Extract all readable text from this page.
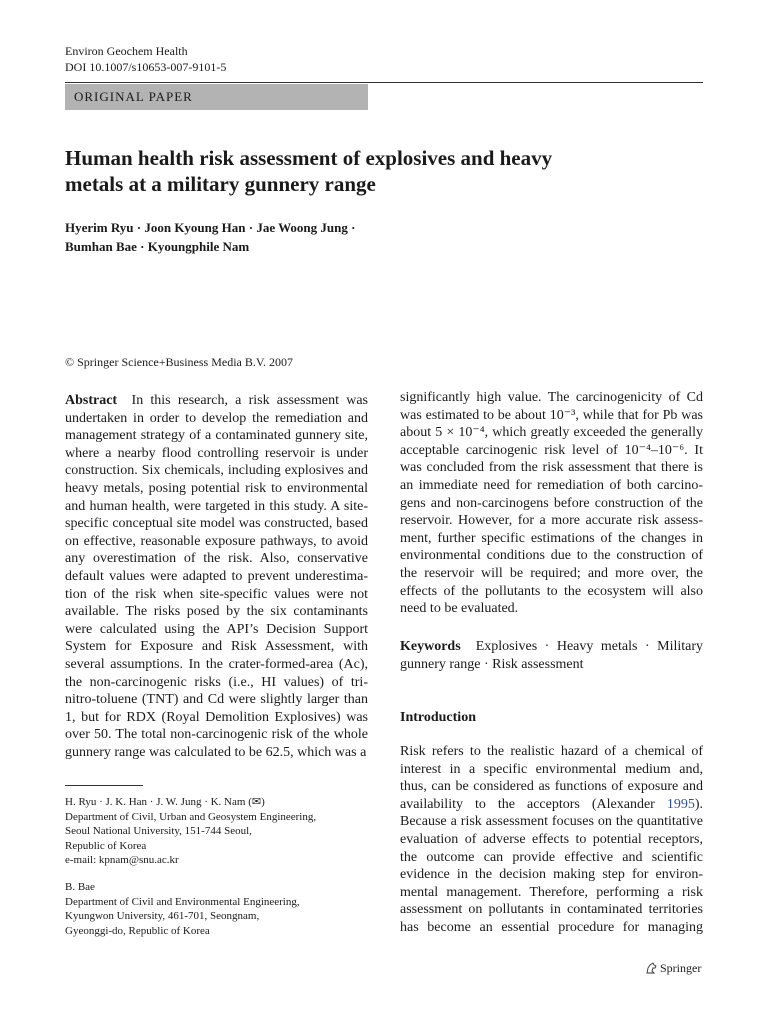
Environ Geochem Health
DOI 10.1007/s10653-007-9101-5
ORIGINAL PAPER
Human health risk assessment of explosives and heavy
metals at a military gunnery range
Hyerim Ryu · Joon Kyoung Han · Jae Woong Jung ·
Bumhan Bae · Kyoungphile Nam
© Springer Science+Business Media B.V. 2007
Abstract In this research, a risk assessment was
undertaken in order to develop the remediation and
management strategy of a contaminated gunnery site,
where a nearby flood controlling reservoir is under
construction. Six chemicals, including explosives and
heavy metals, posing potential risk to environmental
and human health, were targeted in this study. A site-
specific conceptual site model was constructed, based
on effective, reasonable exposure pathways, to avoid
any overestimation of the risk. Also, conservative
default values were adapted to prevent underestima-
tion of the risk when site-specific values were not
available. The risks posed by the six contaminants
were calculated using the API’s Decision Support
System for Exposure and Risk Assessment, with
several assumptions. In the crater-formed-area (Ac),
the non-carcinogenic risks (i.e., HI values) of tri-
nitro-toluene (TNT) and Cd were slightly larger than
1, but for RDX (Royal Demolition Explosives) was
over 50. The total non-carcinogenic risk of the whole
gunnery range was calculated to be 62.5, which was a
significantly high value. The carcinogenicity of Cd
was estimated to be about 10⁻³, while that for Pb was
about 5 × 10⁻⁴, which greatly exceeded the generally
acceptable carcinogenic risk level of 10⁻⁴–10⁻⁶. It
was concluded from the risk assessment that there is
an immediate need for remediation of both carcino-
gens and non-carcinogens before construction of the
reservoir. However, for a more accurate risk assess-
ment, further specific estimations of the changes in
environmental conditions due to the construction of
the reservoir will be required; and more over, the
effects of the pollutants to the ecosystem will also
need to be evaluated.
Keywords Explosives · Heavy metals · Military
gunnery range · Risk assessment
Introduction
Risk refers to the realistic hazard of a chemical of
interest in a specific environmental medium and,
thus, can be considered as functions of exposure and
availability to the acceptors (Alexander 1995).
Because a risk assessment focuses on the quantitative
evaluation of adverse effects to potential receptors,
the outcome can provide effective and scientific
evidence in the decision making step for environ-
mental management. Therefore, performing a risk
assessment on pollutants in contaminated territories
has become an essential procedure for managing
H. Ryu · J. K. Han · J. W. Jung · K. Nam (✉)
Department of Civil, Urban and Geosystem Engineering,
Seoul National University, 151-744 Seoul,
Republic of Korea
e-mail: kpnam@snu.ac.kr
B. Bae
Department of Civil and Environmental Engineering,
Kyungwon University, 461-701, Seongnam,
Gyeonggi-do, Republic of Korea
Springer
